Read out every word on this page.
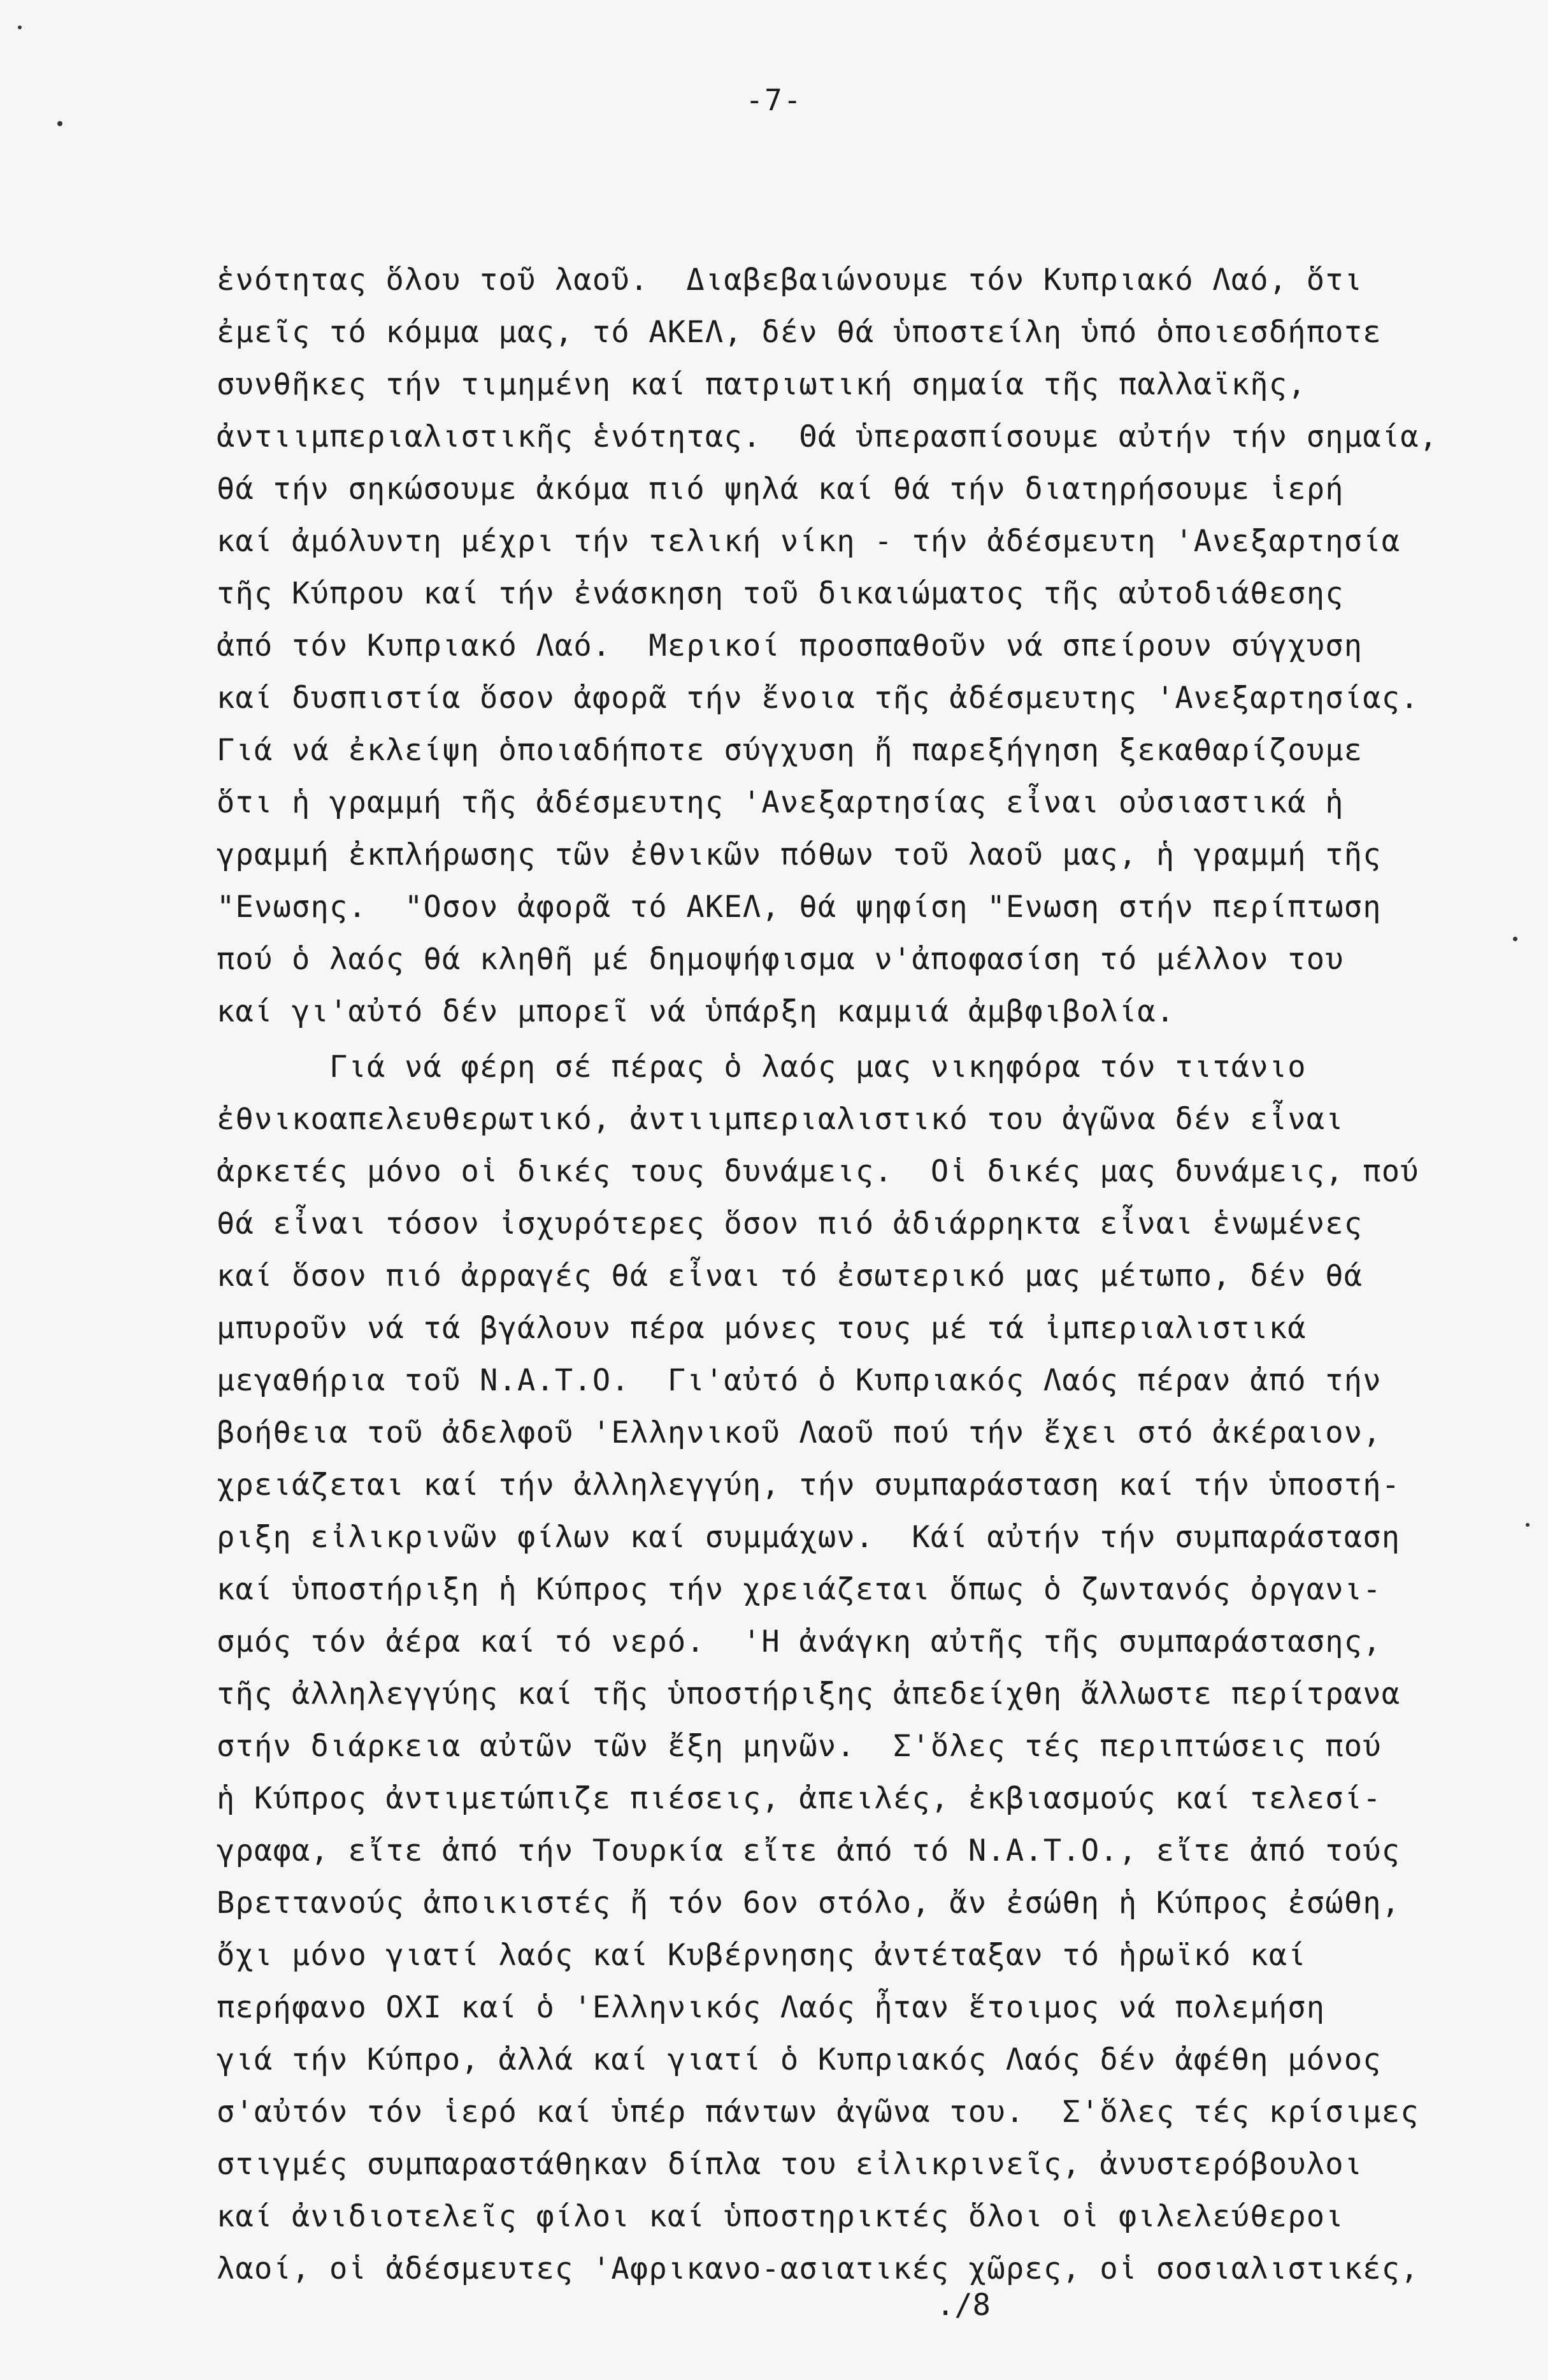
-7-
ἑνότητας ὅλου τοῦ λαοῦ.  Διαβεβαιώνουμε τόν Κυπριακό Λαό, ὅτι
ἐμεῖς τό κόμμα μας, τό ΑΚΕΛ, δέν θά ὑποστείλη ὑπό ὁποιεσδήποτε
συνθῆκες τήν τιμημένη καί πατριωτική σημαία τῆς παλλαϊκῆς,
ἀντιιμπεριαλιστικῆς ἑνότητας.  Θά ὑπερασπίσουμε αὐτήν τήν σημαία,
θά τήν σηκώσουμε ἀκόμα πιό ψηλά καί θά τήν διατηρήσουμε ἱερή
καί ἀμόλυντη μέχρι τήν τελική νίκη - τήν ἀδέσμευτη 'Ανεξαρτησία
τῆς Κύπρου καί τήν ἐνάσκηση τοῦ δικαιώματος τῆς αὐτοδιάθεσης
ἀπό τόν Κυπριακό Λαό.  Μερικοί προσπαθοῦν νά σπείρουν σύγχυση
καί δυσπιστία ὅσον ἀφορᾶ τήν ἔνοια τῆς ἀδέσμευτης 'Ανεξαρτησίας.
Γιά νά ἐκλείψη ὁποιαδήποτε σύγχυση ἤ παρεξήγηση ξεκαθαρίζουμε
ὅτι ἡ γραμμή τῆς ἀδέσμευτης 'Ανεξαρτησίας εἶναι οὐσιαστικά ἡ
γραμμή ἐκπλήρωσης τῶν ἐθνικῶν πόθων τοῦ λαοῦ μας, ἡ γραμμή τῆς
"Ενωσης.  "Οσον ἀφορᾶ τό ΑΚΕΛ, θά ψηφίση "Ενωση στήν περίπτωση
πού ὁ λαός θά κληθῆ μέ δημοψήφισμα ν'ἀποφασίση τό μέλλον του
καί γι'αὐτό δέν μπορεῖ νά ὑπάρξη καμμιά ἀμβφιβολία.
Γιά νά φέρη σέ πέρας ὁ λαός μας νικηφόρα τόν τιτάνιο
ἐθνικοαπελευθερωτικό, ἀντιιμπεριαλιστικό του ἀγῶνα δέν εἶναι
ἀρκετές μόνο οἱ δικές τους δυνάμεις.  Οἱ δικές μας δυνάμεις, πού
θά εἶναι τόσον ἰσχυρότερες ὅσον πιό ἀδιάρρηκτα εἶναι ἑνωμένες
καί ὅσον πιό ἀρραγές θά εἶναι τό ἐσωτερικό μας μέτωπο, δέν θά
μπυροῦν νά τά βγάλουν πέρα μόνες τους μέ τά ἰμπεριαλιστικά
μεγαθήρια τοῦ Ν.Α.Τ.Ο.  Γι'αὐτό ὁ Κυπριακός Λαός πέραν ἀπό τήν
βοήθεια τοῦ ἀδελφοῦ 'Ελληνικοῦ Λαοῦ πού τήν ἔχει στό ἀκέραιον,
χρειάζεται καί τήν ἀλληλεγγύη, τήν συμπαράσταση καί τήν ὑποστή-
ριξη εἰλικρινῶν φίλων καί συμμάχων.  Κάί αὐτήν τήν συμπαράσταση
καί ὑποστήριξη ἡ Κύπρος τήν χρειάζεται ὅπως ὁ ζωντανός ὀργανι-
σμός τόν ἀέρα καί τό νερό.  'Η ἀνάγκη αὐτῆς τῆς συμπαράστασης,
τῆς ἀλληλεγγύης καί τῆς ὑποστήριξης ἀπεδείχθη ἄλλωστε περίτρανα
στήν διάρκεια αὐτῶν τῶν ἔξη μηνῶν.  Σ'ὅλες τές περιπτώσεις πού
ἡ Κύπρος ἀντιμετώπιζε πιέσεις, ἀπειλές, ἐκβιασμούς καί τελεσί-
γραφα, εἴτε ἀπό τήν Τουρκία εἴτε ἀπό τό Ν.Α.Τ.Ο., εἴτε ἀπό τούς
Βρεττανούς ἀποικιστές ἤ τόν 6ον στόλο, ἄν ἐσώθη ἡ Κύπρος ἐσώθη,
ὄχι μόνο γιατί λαός καί Κυβέρνησης ἀντέταξαν τό ἡρωϊκό καί
περήφανο ΟΧΙ καί ὁ 'Ελληνικός Λαός ἦταν ἕτοιμος νά πολεμήση
γιά τήν Κύπρο, ἀλλά καί γιατί ὁ Κυπριακός Λαός δέν ἀφέθη μόνος
σ'αὐτόν τόν ἱερό καί ὑπέρ πάντων ἀγῶνα του.  Σ'ὅλες τές κρίσιμες
στιγμές συμπαραστάθηκαν δίπλα του εἰλικρινεῖς, ἀνυστερόβουλοι
καί ἀνιδιοτελεῖς φίλοι καί ὑποστηρικτές ὅλοι οἱ φιλελεύθεροι
λαοί, οἱ ἀδέσμευτες 'Αφρικανο-ασιατικές χῶρες, οἱ σοσιαλιστικές,
./8
